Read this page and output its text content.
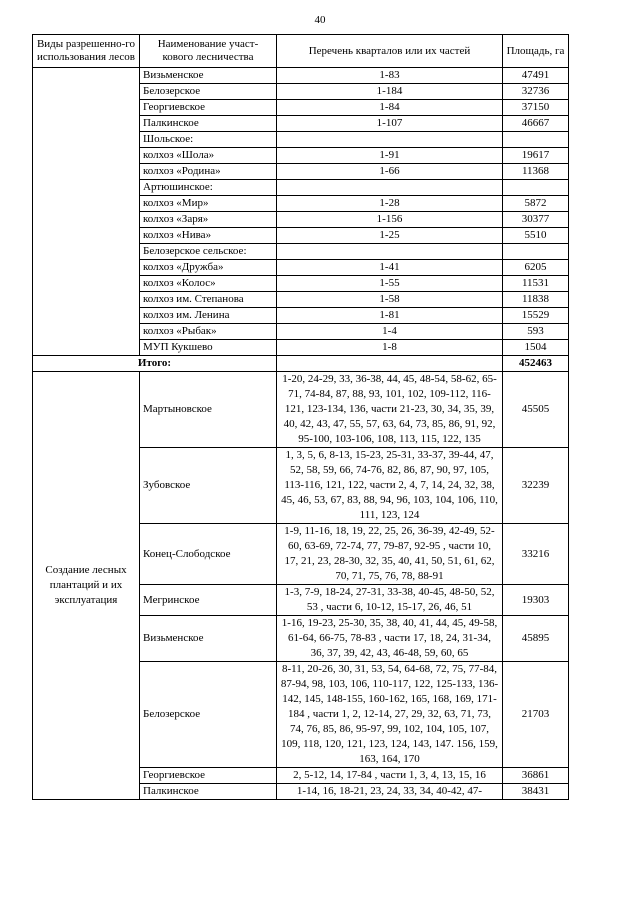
40
Виды разрешенно-го использования лесов	Наименование участ-кового лесничества	Перечень кварталов или их частей	Площадь, га
	Визьменское	1-83	47491
	Белозерское	1-184	32736
	Георгиевское	1-84	37150
	Палкинское	1-107	46667
	Шольское:		
	колхоз «Шола»	1-91	19617
	колхоз «Родина»	1-66	11368
	Артюшинское:		
	колхоз «Мир»	1-28	5872
	колхоз «Заря»	1-156	30377
	колхоз «Нива»	1-25	5510
	Белозерское сельское:		
	колхоз «Дружба»	1-41	6205
	колхоз «Колос»	1-55	11531
	колхоз им. Степанова	1-58	11838
	колхоз им. Ленина	1-81	15529
	колхоз «Рыбак»	1-4	593
	МУП Кукшево	1-8	1504
Итого:			452463
Создание лесных плантаций и их эксплуатация	Мартыновское	1-20, 24-29, 33, 36-38, 44, 45, 48-54, 58-62, 65-71, 74-84, 87, 88, 93, 101, 102, 109-112, 116-121, 123-134, 136, части 21-23, 30, 34, 35, 39, 40, 42, 43, 47, 55, 57, 63, 64, 73, 85, 86, 91, 92, 95-100, 103-106, 108, 113, 115, 122, 135	45505
	Зубовское	1, 3, 5, 6, 8-13, 15-23, 25-31, 33-37, 39-44, 47, 52, 58, 59, 66, 74-76, 82, 86, 87, 90, 97, 105, 113-116, 121, 122, части 2, 4, 7, 14, 24, 32, 38, 45, 46, 53, 67, 83, 88, 94, 96, 103, 104, 106, 110, 111, 123, 124	32239
	Конец-Слободское	1-9, 11-16, 18, 19, 22, 25, 26, 36-39, 42-49, 52-60, 63-69, 72-74, 77, 79-87, 92-95 , части 10, 17, 21, 23, 28-30, 32, 35, 40, 41, 50, 51, 61, 62, 70, 71, 75, 76, 78, 88-91	33216
	Мегринское	1-3, 7-9, 18-24, 27-31, 33-38, 40-45, 48-50, 52, 53 , части 6, 10-12, 15-17, 26, 46, 51	19303
	Визьменское	1-16, 19-23, 25-30, 35, 38, 40, 41, 44, 45, 49-58, 61-64, 66-75, 78-83 , части 17, 18, 24, 31-34, 36, 37, 39, 42, 43, 46-48, 59, 60, 65	45895
	Белозерское	8-11, 20-26, 30, 31, 53, 54, 64-68, 72, 75, 77-84, 87-94, 98, 103, 106, 110-117, 122, 125-133, 136-142, 145, 148-155, 160-162, 165, 168, 169, 171-184 , части 1, 2, 12-14, 27, 29, 32, 63, 71, 73, 74, 76, 85, 86, 95-97, 99, 102, 104, 105, 107, 109, 118, 120, 121, 123, 124, 143, 147. 156, 159, 163, 164, 170	21703
	Георгиевское	2, 5-12, 14, 17-84 , части 1, 3, 4, 13, 15, 16	36861
	Палкинское	1-14, 16, 18-21, 23, 24, 33, 34, 40-42, 47-	38431
